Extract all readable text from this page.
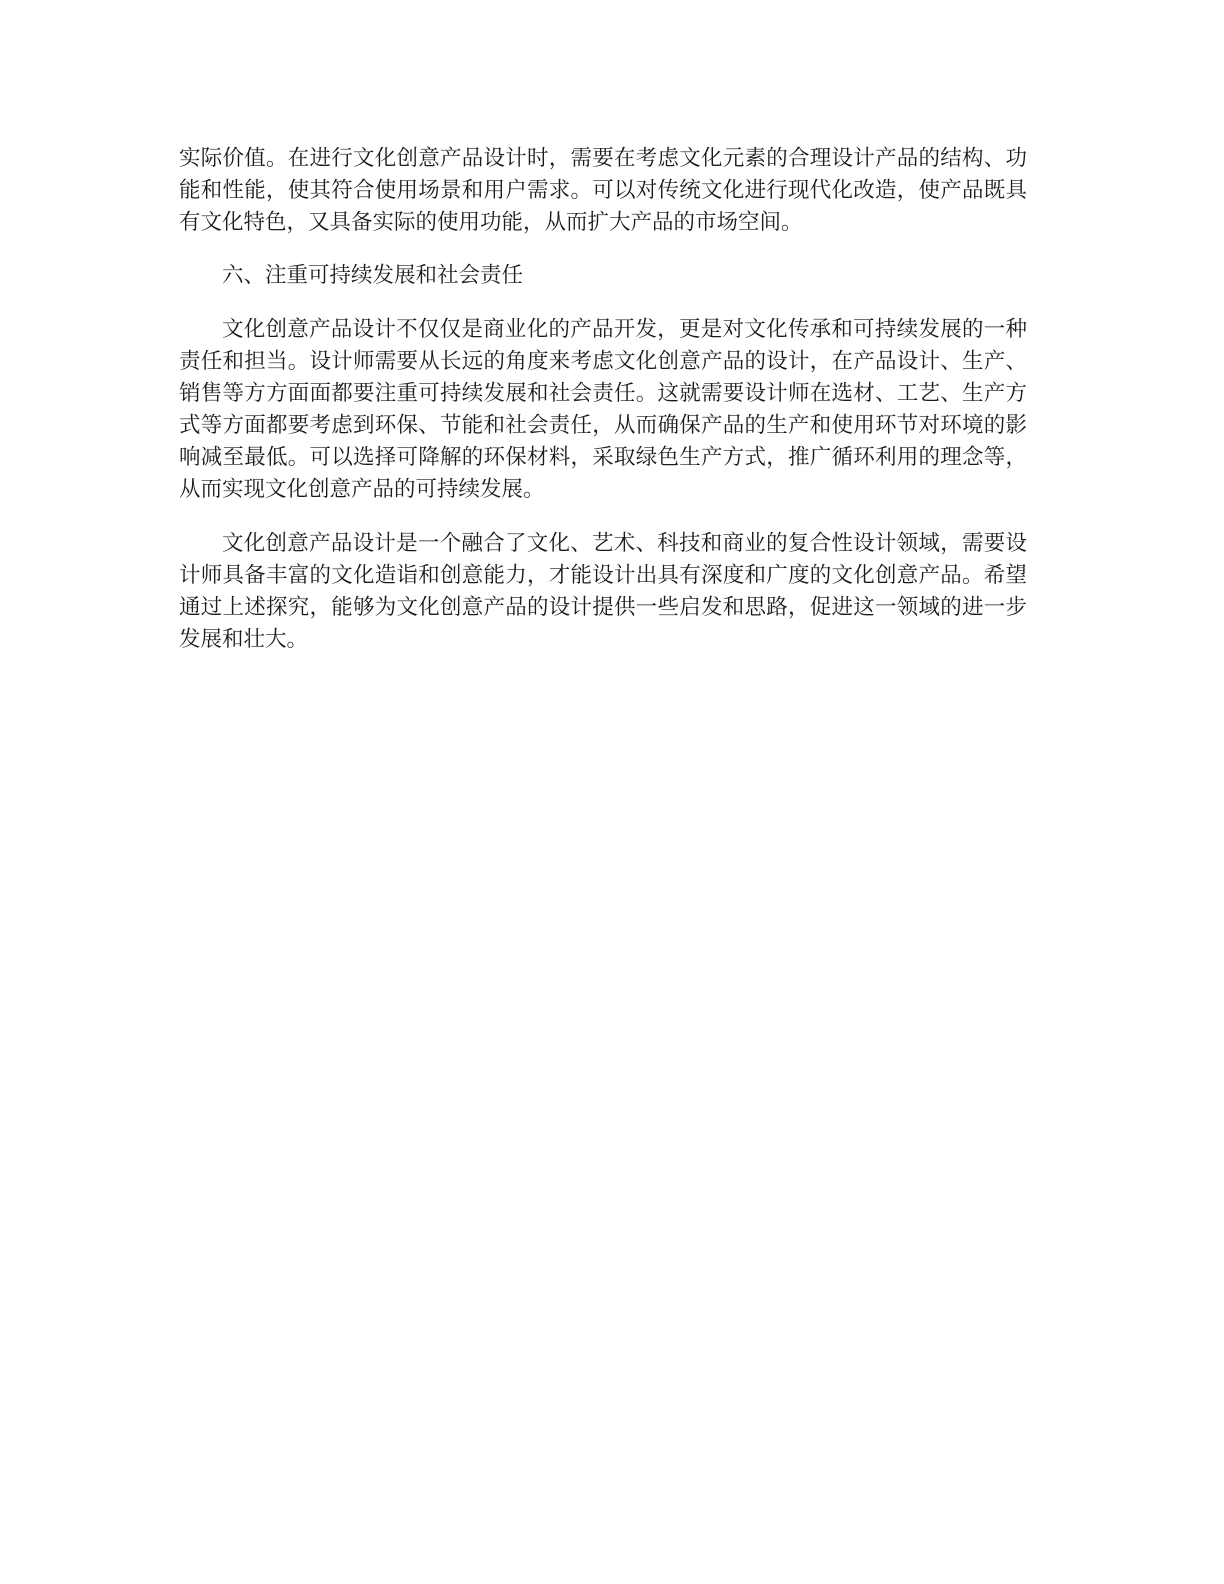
实际价值。在进行文化创意产品设计时，需要在考虑文化元素的合理设计产品的结构、功能和性能，使其符合使用场景和用户需求。可以对传统文化进行现代化改造，使产品既具有文化特色，又具备实际的使用功能，从而扩大产品的市场空间。

六、注重可持续发展和社会责任

文化创意产品设计不仅仅是商业化的产品开发，更是对文化传承和可持续发展的一种责任和担当。设计师需要从长远的角度来考虑文化创意产品的设计，在产品设计、生产、销售等方方面面都要注重可持续发展和社会责任。这就需要设计师在选材、工艺、生产方式等方面都要考虑到环保、节能和社会责任，从而确保产品的生产和使用环节对环境的影响减至最低。可以选择可降解的环保材料，采取绿色生产方式，推广循环利用的理念等，从而实现文化创意产品的可持续发展。

文化创意产品设计是一个融合了文化、艺术、科技和商业的复合性设计领域，需要设计师具备丰富的文化造诣和创意能力，才能设计出具有深度和广度的文化创意产品。希望通过上述探究，能够为文化创意产品的设计提供一些启发和思路，促进这一领域的进一步发展和壮大。
